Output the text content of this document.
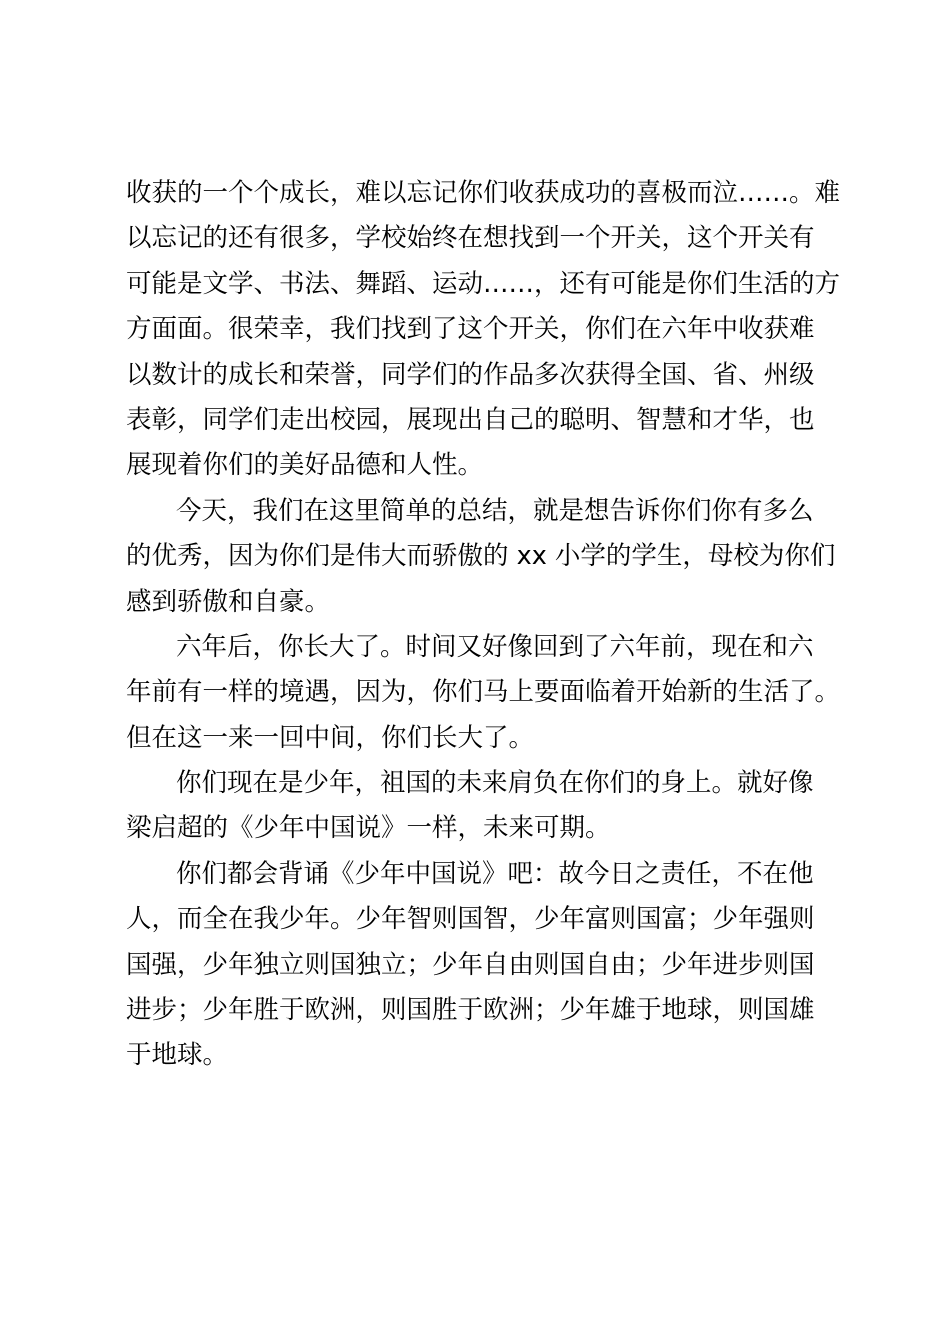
收获的一个个成长，难以忘记你们收获成功的喜极而泣……。难
以忘记的还有很多，学校始终在想找到一个开关，这个开关有
可能是文学、书法、舞蹈、运动……，还有可能是你们生活的方
方面面。很荣幸，我们找到了这个开关，你们在六年中收获难
以数计的成长和荣誉，同学们的作品多次获得全国、省、州级
表彰，同学们走出校园，展现出自己的聪明、智慧和才华，也
展现着你们的美好品德和人性。
今天，我们在这里简单的总结，就是想告诉你们你有多么
的优秀，因为你们是伟大而骄傲的 xx 小学的学生，母校为你们
感到骄傲和自豪。
六年后，你长大了。时间又好像回到了六年前，现在和六
年前有一样的境遇，因为，你们马上要面临着开始新的生活了。
但在这一来一回中间，你们长大了。
你们现在是少年，祖国的未来肩负在你们的身上。就好像
梁启超的《少年中国说》一样，未来可期。
你们都会背诵《少年中国说》吧：故今日之责任，不在他
人，而全在我少年。少年智则国智，少年富则国富；少年强则
国强，少年独立则国独立；少年自由则国自由；少年进步则国
进步；少年胜于欧洲，则国胜于欧洲；少年雄于地球，则国雄
于地球。
